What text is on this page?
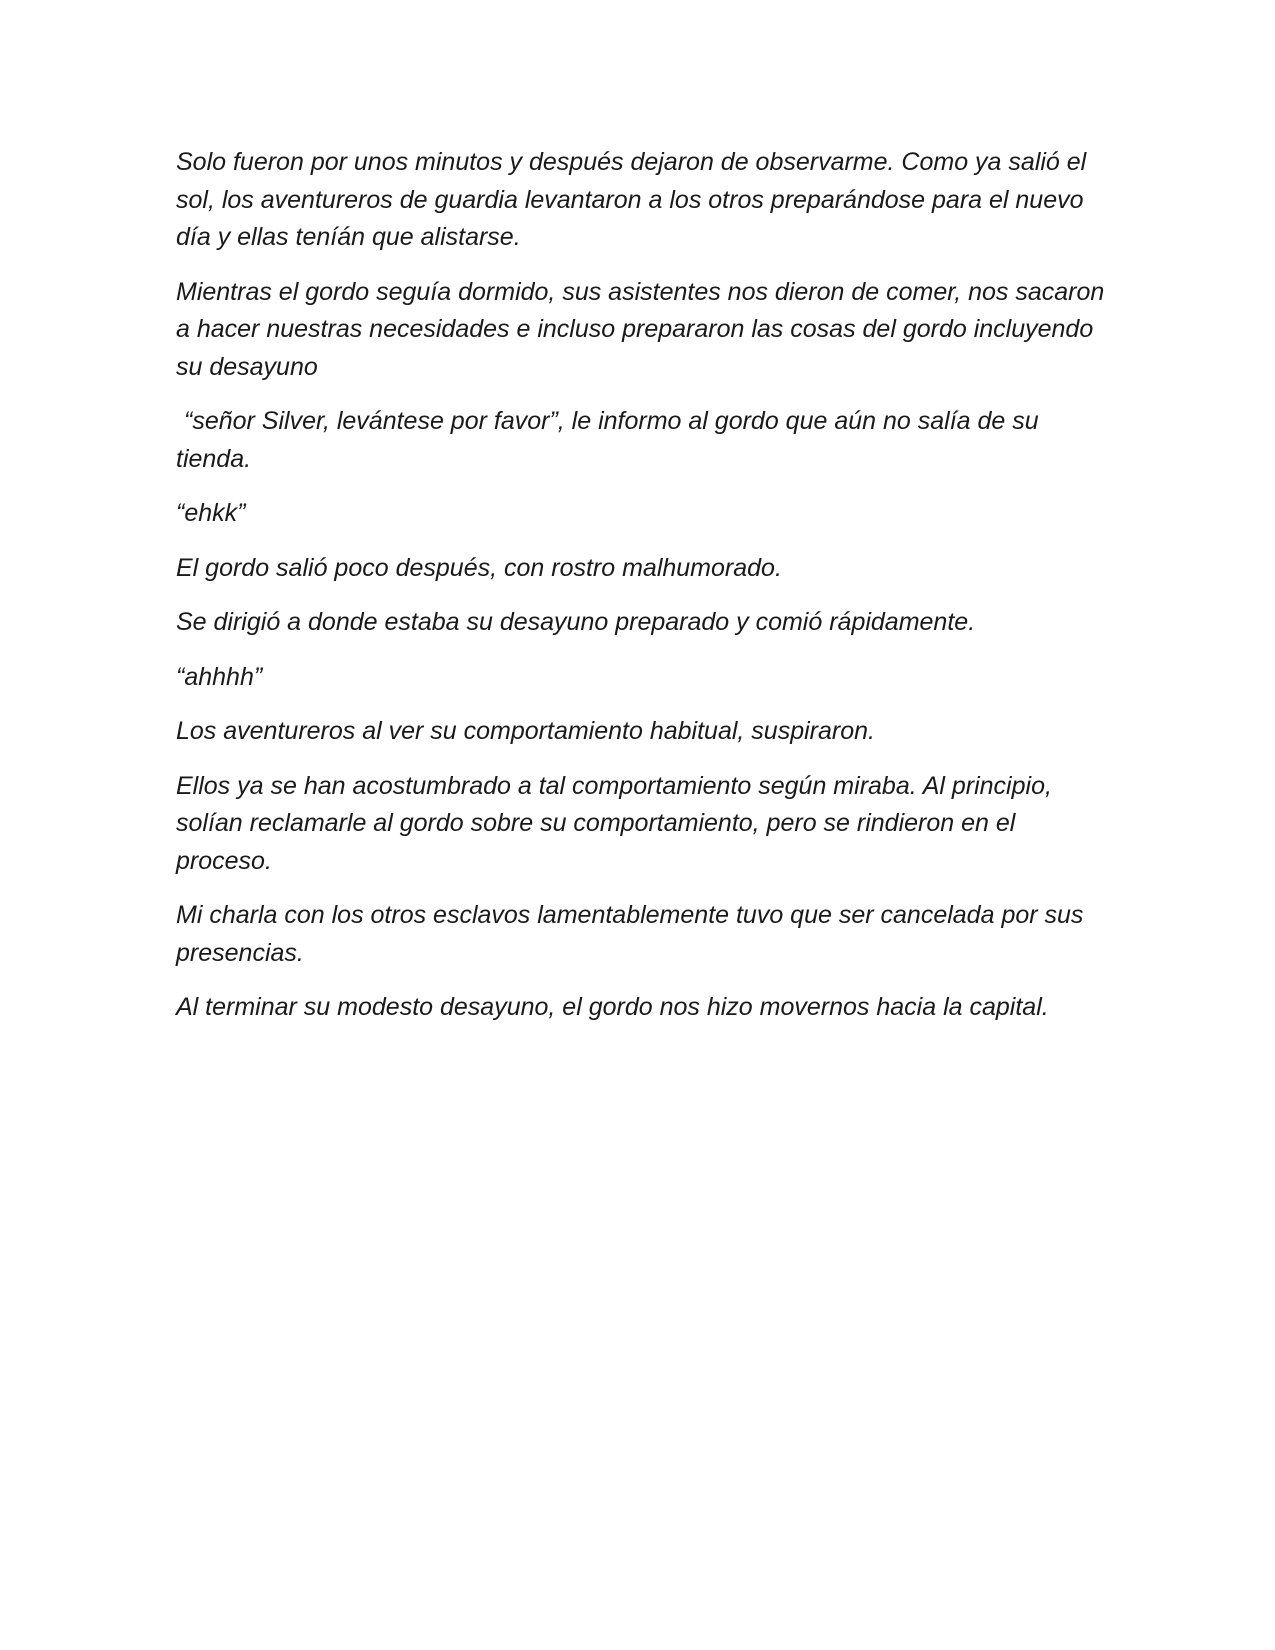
Solo fueron por unos minutos y después dejaron de observarme. Como ya salió el sol, los aventureros de guardia levantaron a los otros preparándose para el nuevo día y ellas teníán que alistarse.

Mientras el gordo seguía dormido, sus asistentes nos dieron de comer, nos sacaron a hacer nuestras necesidades e incluso prepararon las cosas del gordo incluyendo su desayuno

“señor Silver, levántese por favor”, le informo al gordo que aún no salía de su tienda.

“ehkk”

El gordo salió poco después, con rostro malhumorado.

Se dirigió a donde estaba su desayuno preparado y comió rápidamente.

“ahhhh”

Los aventureros al ver su comportamiento habitual, suspiraron.

Ellos ya se han acostumbrado a tal comportamiento según miraba. Al principio, solían reclamarle al gordo sobre su comportamiento, pero se rindieron en el proceso.

Mi charla con los otros esclavos lamentablemente tuvo que ser cancelada por sus presencias.

Al terminar su modesto desayuno, el gordo nos hizo movernos hacia la capital.
